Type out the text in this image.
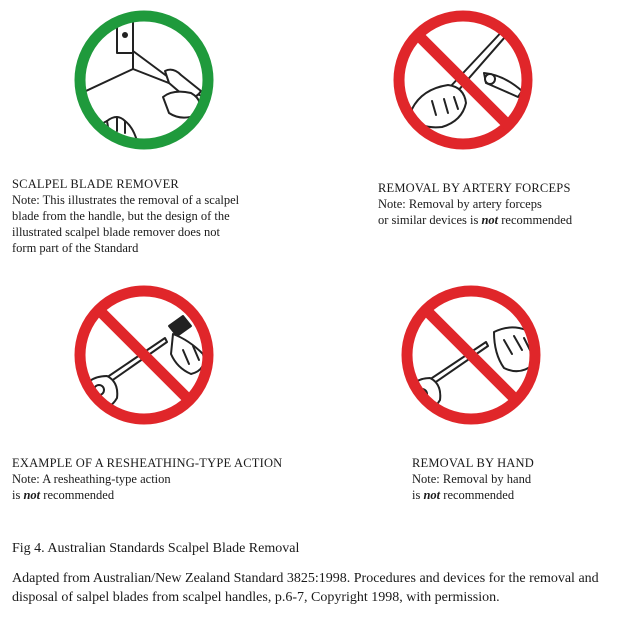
SCALPEL BLADE REMOVER
Note: This illustrates the removal of a scalpel
blade from the handle, but the design of the
illustrated scalpel blade remover does not
form part of the Standard
REMOVAL BY ARTERY FORCEPS
Note: Removal by artery forceps
or similar devices is not recommended
EXAMPLE OF A RESHEATHING-TYPE ACTION
Note: A resheathing-type action
is not recommended
REMOVAL BY HAND
Note: Removal by hand
is not recommended
Fig 4. Australian Standards Scalpel Blade Removal
Adapted from Australian/New Zealand Standard 3825:1998. Procedures and devices for the removal and disposal of salpel blades from scalpel handles, p.6-7, Copyright 1998, with permission.
